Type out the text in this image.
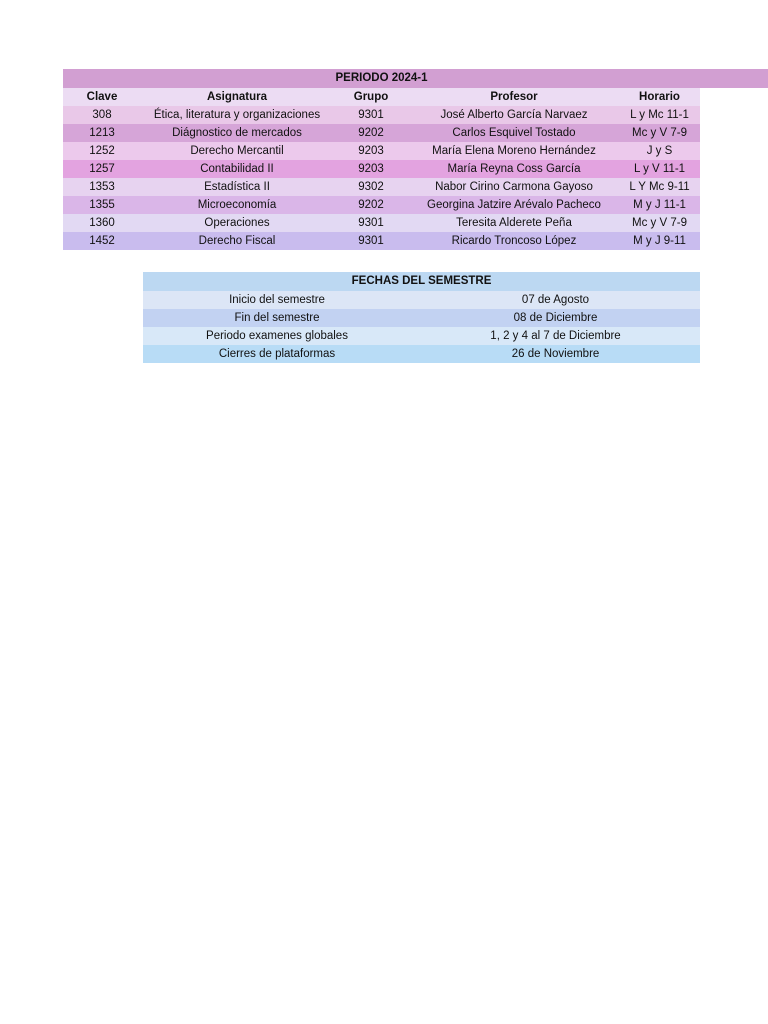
PERIODO 2024-1				
Clave	Asignatura	Grupo	Profesor	Horario
308	Ética, literatura y organizaciones	9301	José Alberto García Narvaez	L y Mc 11-1
1213	Diágnostico de mercados	9202	Carlos Esquivel Tostado	Mc y V 7-9
1252	Derecho Mercantil	9203	María Elena Moreno Hernández	J y S
1257	Contabilidad II	9203	María Reyna Coss García	L y V 11-1
1353	Estadística II	9302	Nabor Cirino Carmona Gayoso	L Y Mc 9-11
1355	Microeconomía	9202	Georgina Jatzire Arévalo Pacheco	M y J 11-1
1360	Operaciones	9301	Teresita Alderete Peña	Mc y V 7-9
1452	Derecho Fiscal	9301	Ricardo Troncoso López	M y J 9-11
FECHAS DEL SEMESTRE	
Inicio del semestre	07 de Agosto
Fin del semestre	08 de Diciembre
Periodo examenes globales	1, 2 y 4 al 7 de Diciembre
Cierres de plataformas	26 de Noviembre
